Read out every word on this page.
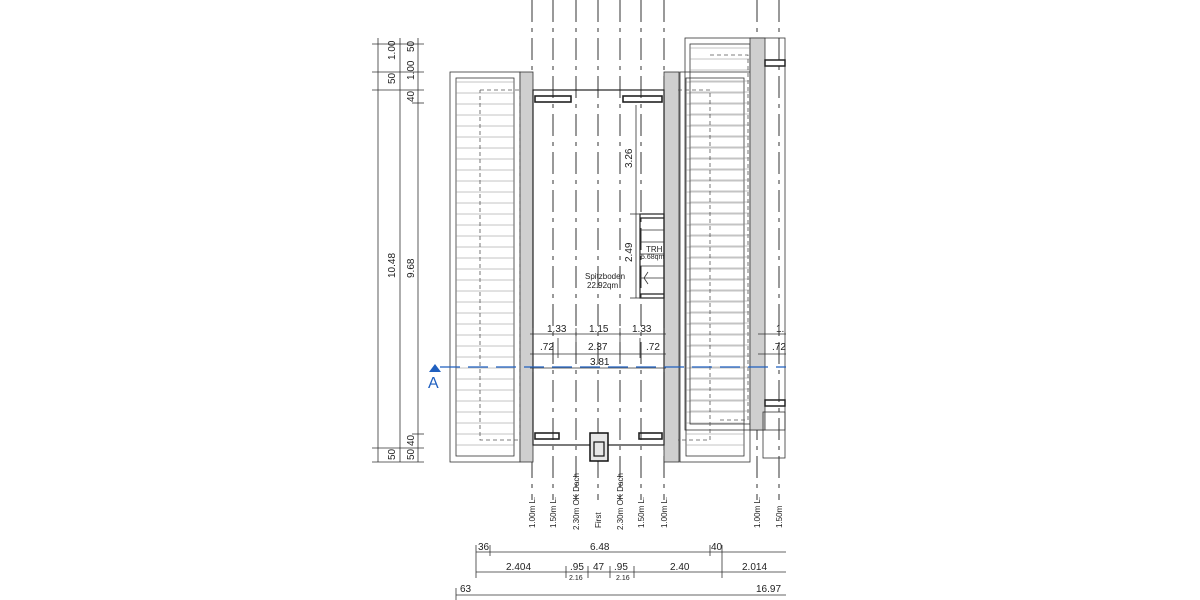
50
1.00
10.48
50
50
1.00
40
9.68
50
40
3.26
2.49
Spitzboden
22.92qm
TRH
5.68qm
1.33 1.15 1.33
.72	2.37	.72
3.81
1.
.72
A
1.00m L. 1.50m L. 2.30m OK Dach First 2.30m OK Dach 1.50m L. 1.00m L.	1.00m L. 1.50m
36	6.48	40
2.404	.95 47 .95	2.40	2.014
2.16	2.16
63	16.97
